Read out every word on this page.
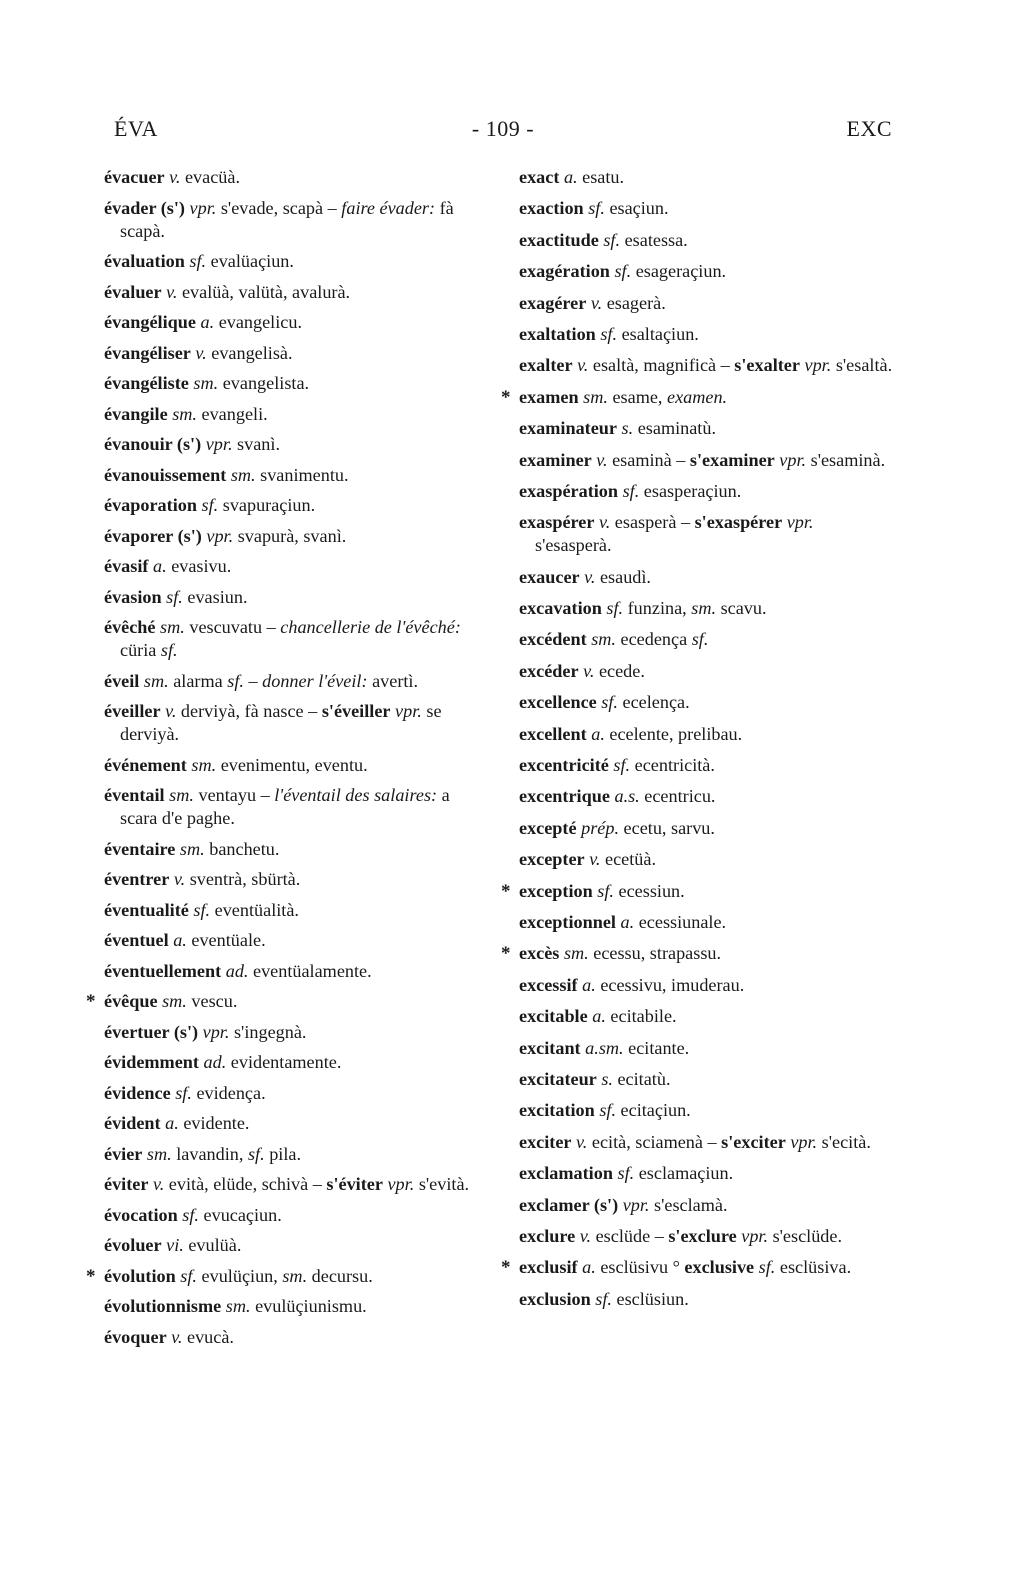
ÉVA	- 109 -	EXC
évacuer v. evacüà.
évader (s') vpr. s'evade, scapà – faire évader: fà scapà.
évaluation sf. evalüaçiun.
évaluer v. evalüà, valütà, avalurà.
évangélique a. evangelicu.
évangéliser v. evangelisà.
évangéliste sm. evangelista.
évangile sm. evangeli.
évanouir (s') vpr. svanì.
évanouissement sm. svanimentu.
évaporation sf. svapuraçiun.
évaporer (s') vpr. svapurà, svanì.
évasif a. evasivu.
évasion sf. evasiun.
évêché sm. vescuvatu – chancellerie de l'évêché: cüria sf.
éveil sm. alarma sf. – donner l'éveil: avertì.
éveiller v. derviyà, fà nasce – s'éveiller vpr. se derviyà.
événement sm. evenimentu, eventu.
éventail sm. ventayu – l'éventail des salaires: a scara d'e paghe.
éventaire sm. banchetu.
éventrer v. sventrà, sbürtà.
éventualité sf. eventüalità.
éventuel a. eventüale.
éventuellement ad. eventüalamente.
* évêque sm. vescu.
évertuer (s') vpr. s'ingegnà.
évidemment ad. evidentamente.
évidence sf. evidença.
évident a. evidente.
évier sm. lavandin, sf. pila.
éviter v. evità, elüde, schivà – s'éviter vpr. s'evità.
évocation sf. evucaçiun.
évoluer vi. evulüà.
* évolution sf. evulüçiun, sm. decursu.
évolutionnisme sm. evulüçiunismu.
évoquer v. evucà.
exact a. esatu.
exaction sf. esaçiun.
exactitude sf. esatessa.
exagération sf. esageraçiun.
exagérer v. esagerà.
exaltation sf. esaltaçiun.
exalter v. esaltà, magnificà – s'exalter vpr. s'esaltà.
* examen sm. esame, examen.
examinateur s. esaminatù.
examiner v. esaminà – s'examiner vpr. s'esaminà.
exaspération sf. esasperaçiun.
exaspérer v. esasperà – s'exaspérer vpr. s'esasperà.
exaucer v. esaudì.
excavation sf. funzina, sm. scavu.
excédent sm. ecedença sf.
excéder v. ecede.
excellence sf. ecelença.
excellent a. ecelente, prelibau.
excentricité sf. ecentricità.
excentrique a.s. ecentricu.
excepté prép. ecetu, sarvu.
excepter v. ecetüà.
* exception sf. ecessiun.
exceptionnel a. ecessiunale.
* excès sm. ecessu, strapassu.
excessif a. ecessivu, imuderau.
excitable a. ecitabile.
excitant a.sm. ecitante.
excitateur s. ecitatù.
excitation sf. ecitaçiun.
exciter v. ecità, sciamenà – s'exciter vpr. s'ecità.
exclamation sf. esclamaçiun.
exclamer (s') vpr. s'esclamà.
exclure v. esclüde – s'exclure vpr. s'esclüde.
* exclusif a. esclüsivu ° exclusive sf. esclüsiva.
exclusion sf. esclüsiun.
